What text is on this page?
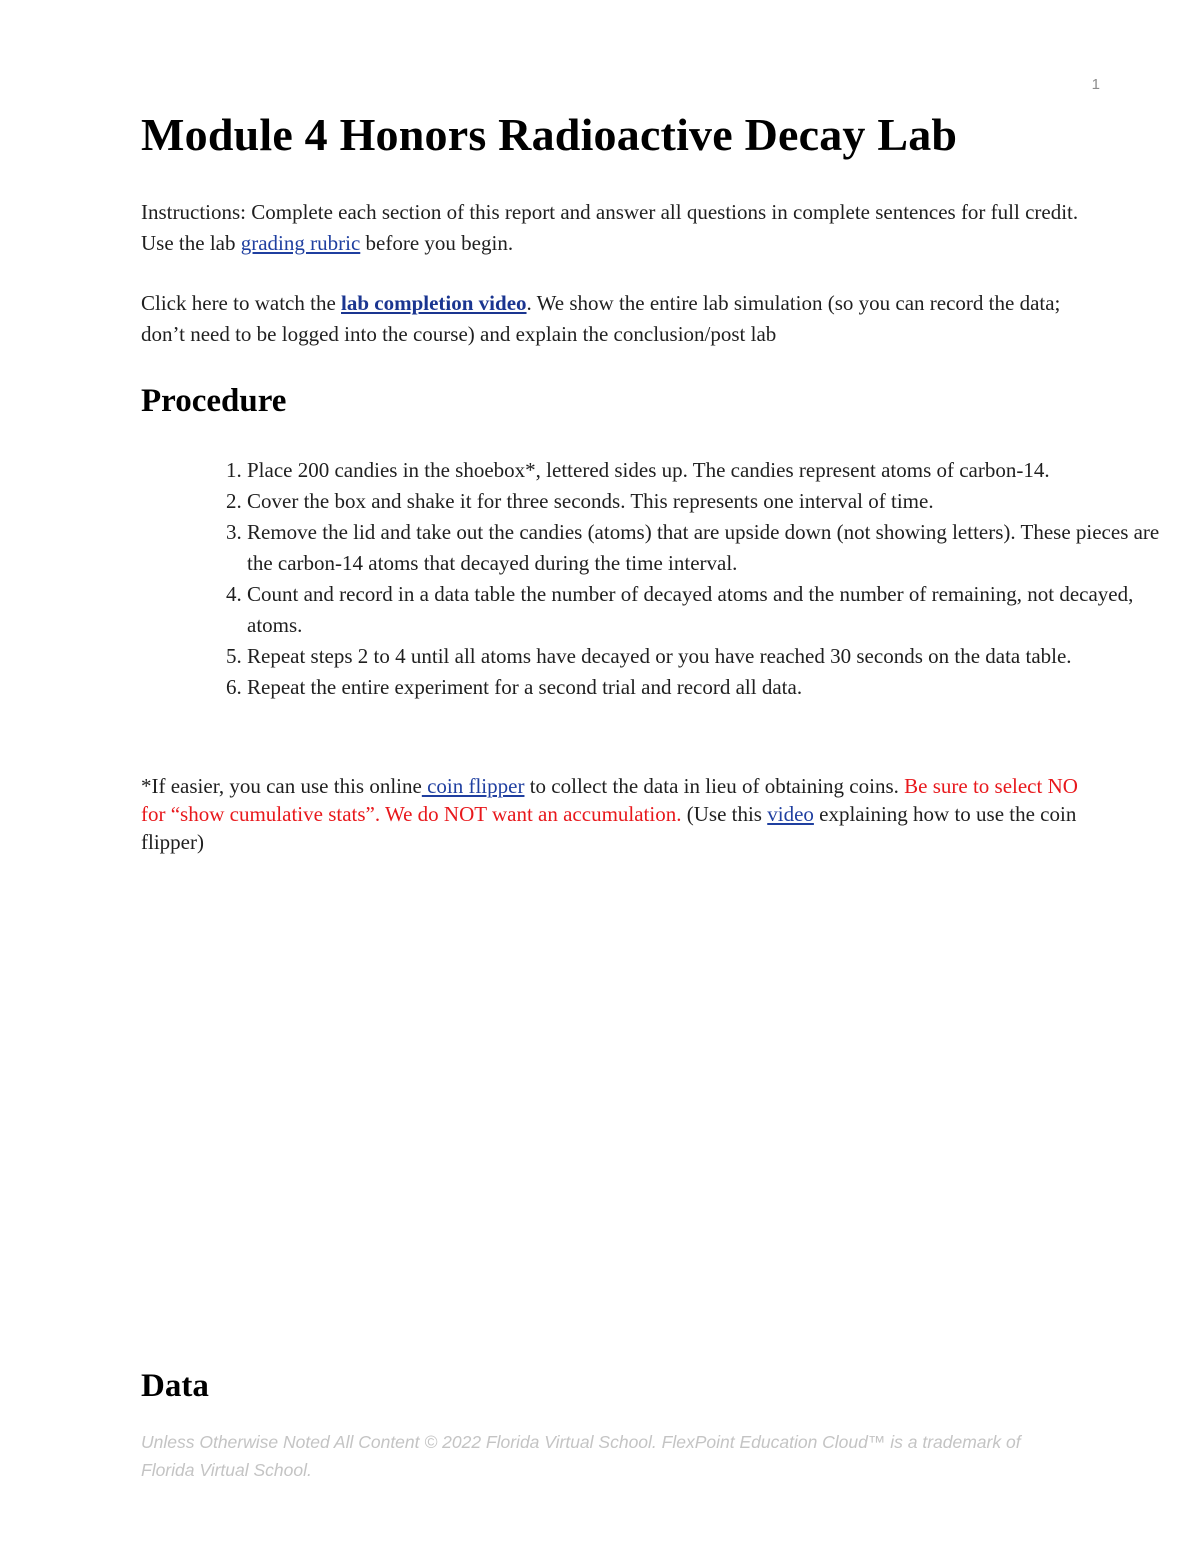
1
Module 4 Honors Radioactive Decay Lab

Instructions: Complete each section of this report and answer all questions in complete sentences for full credit. Use the lab grading rubric before you begin.

Click here to watch the lab completion video. We show the entire lab simulation (so you can record the data; don’t need to be logged into the course) and explain the conclusion/post lab

Procedure
1. Place 200 candies in the shoebox*, lettered sides up. The candies represent atoms of carbon-14.
2. Cover the box and shake it for three seconds. This represents one interval of time.
3. Remove the lid and take out the candies (atoms) that are upside down (not showing letters). These pieces are the carbon-14 atoms that decayed during the time interval.
4. Count and record in a data table the number of decayed atoms and the number of remaining, not decayed, atoms.
5. Repeat steps 2 to 4 until all atoms have decayed or you have reached 30 seconds on the data table.
6. Repeat the entire experiment for a second trial and record all data.

*If easier, you can use this online coin flipper to collect the data in lieu of obtaining coins. Be sure to select NO for “show cumulative stats”. We do NOT want an accumulation. (Use this video explaining how to use the coin flipper)

Data

Unless Otherwise Noted All Content © 2022 Florida Virtual School. FlexPoint Education Cloud™ is a trademark of Florida Virtual School.
